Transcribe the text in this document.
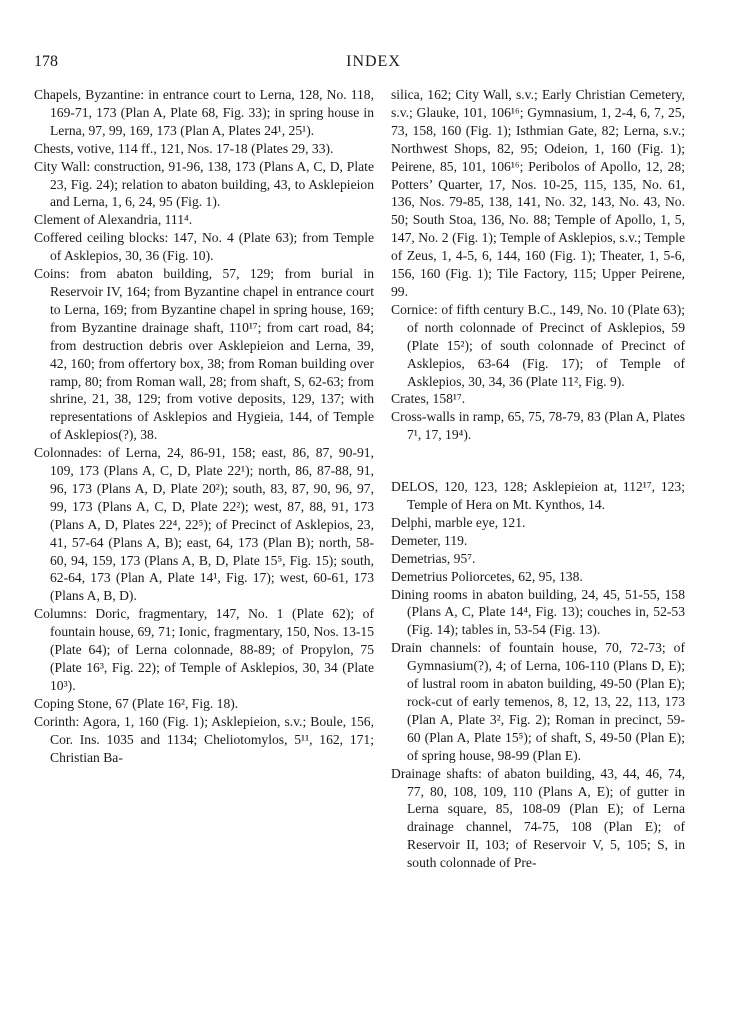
178	INDEX
Chapels, Byzantine: in entrance court to Lerna, 128, No. 118, 169-71, 173 (Plan A, Plate 68, Fig. 33); in spring house in Lerna, 97, 99, 169, 173 (Plan A, Plates 24¹, 25¹).
Chests, votive, 114 ff., 121, Nos. 17-18 (Plates 29, 33).
City Wall: construction, 91-96, 138, 173 (Plans A, C, D, Plate 23, Fig. 24); relation to abaton building, 43, to Asklepieion and Lerna, 1, 6, 24, 95 (Fig. 1).
Clement of Alexandria, 111⁴.
Coffered ceiling blocks: 147, No. 4 (Plate 63); from Temple of Asklepios, 30, 36 (Fig. 10).
Coins: from abaton building, 57, 129; from burial in Reservoir IV, 164; from Byzantine chapel in entrance court to Lerna, 169; from Byzantine chapel in spring house, 169; from Byzantine drainage shaft, 110¹⁷; from cart road, 84; from destruction debris over Asklepieion and Lerna, 39, 42, 160; from offertory box, 38; from Roman building over ramp, 80; from Roman wall, 28; from shaft, S, 62-63; from shrine, 21, 38, 129; from votive deposits, 129, 137; with representations of Asklepios and Hygieia, 144, of Temple of Asklepios(?), 38.
Colonnades: of Lerna, 24, 86-91, 158; east, 86, 87, 90-91, 109, 173 (Plans A, C, D, Plate 22¹); north, 86, 87-88, 91, 96, 173 (Plans A, D, Plate 20²); south, 83, 87, 90, 96, 97, 99, 173 (Plans A, C, D, Plate 22²); west, 87, 88, 91, 173 (Plans A, D, Plates 22⁴, 22⁵); of Precinct of Asklepios, 23, 41, 57-64 (Plans A, B); east, 64, 173 (Plan B); north, 58-60, 94, 159, 173 (Plans A, B, D, Plate 15⁵, Fig. 15); south, 62-64, 173 (Plan A, Plate 14¹, Fig. 17); west, 60-61, 173 (Plans A, B, D).
Columns: Doric, fragmentary, 147, No. 1 (Plate 62); of fountain house, 69, 71; Ionic, fragmentary, 150, Nos. 13-15 (Plate 64); of Lerna colonnade, 88-89; of Propylon, 75 (Plate 16³, Fig. 22); of Temple of Asklepios, 30, 34 (Plate 10³).
Coping Stone, 67 (Plate 16², Fig. 18).
Corinth: Agora, 1, 160 (Fig. 1); Asklepieion, s.v.; Boule, 156, Cor. Ins. 1035 and 1134; Cheliotomylos, 5¹¹, 162, 171; Christian Ba-
silica, 162; City Wall, s.v.; Early Christian Cemetery, s.v.; Glauke, 101, 106¹⁶; Gymnasium, 1, 2-4, 6, 7, 25, 73, 158, 160 (Fig. 1); Isthmian Gate, 82; Lerna, s.v.; Northwest Shops, 82, 95; Odeion, 1, 160 (Fig. 1); Peirene, 85, 101, 106¹⁶; Peribolos of Apollo, 12, 28; Potters’ Quarter, 17, Nos. 10-25, 115, 135, No. 61, 136, Nos. 79-85, 138, 141, No. 32, 143, No. 43, No. 50; South Stoa, 136, No. 88; Temple of Apollo, 1, 5, 147, No. 2 (Fig. 1); Temple of Asklepios, s.v.; Temple of Zeus, 1, 4-5, 6, 144, 160 (Fig. 1); Theater, 1, 5-6, 156, 160 (Fig. 1); Tile Factory, 115; Upper Peirene, 99.
Cornice: of fifth century B.C., 149, No. 10 (Plate 63); of north colonnade of Precinct of Asklepios, 59 (Plate 15²); of south colonnade of Precinct of Asklepios, 63-64 (Fig. 17); of Temple of Asklepios, 30, 34, 36 (Plate 11², Fig. 9).
Crates, 158¹⁷.
Cross-walls in ramp, 65, 75, 78-79, 83 (Plan A, Plates 7¹, 17, 19⁴).
DELOS, 120, 123, 128; Asklepieion at, 112¹⁷, 123; Temple of Hera on Mt. Kynthos, 14.
Delphi, marble eye, 121.
Demeter, 119.
Demetrias, 95⁷.
Demetrius Poliorcetes, 62, 95, 138.
Dining rooms in abaton building, 24, 45, 51-55, 158 (Plans A, C, Plate 14⁴, Fig. 13); couches in, 52-53 (Fig. 14); tables in, 53-54 (Fig. 13).
Drain channels: of fountain house, 70, 72-73; of Gymnasium(?), 4; of Lerna, 106-110 (Plans D, E); of lustral room in abaton building, 49-50 (Plan E); rock-cut of early temenos, 8, 12, 13, 22, 113, 173 (Plan A, Plate 3², Fig. 2); Roman in precinct, 59-60 (Plan A, Plate 15⁵); of shaft, S, 49-50 (Plan E); of spring house, 98-99 (Plan E).
Drainage shafts: of abaton building, 43, 44, 46, 74, 77, 80, 108, 109, 110 (Plans A, E); of gutter in Lerna square, 85, 108-09 (Plan E); of Lerna drainage channel, 74-75, 108 (Plan E); of Reservoir II, 103; of Reservoir V, 5, 105; S, in south colonnade of Pre-
